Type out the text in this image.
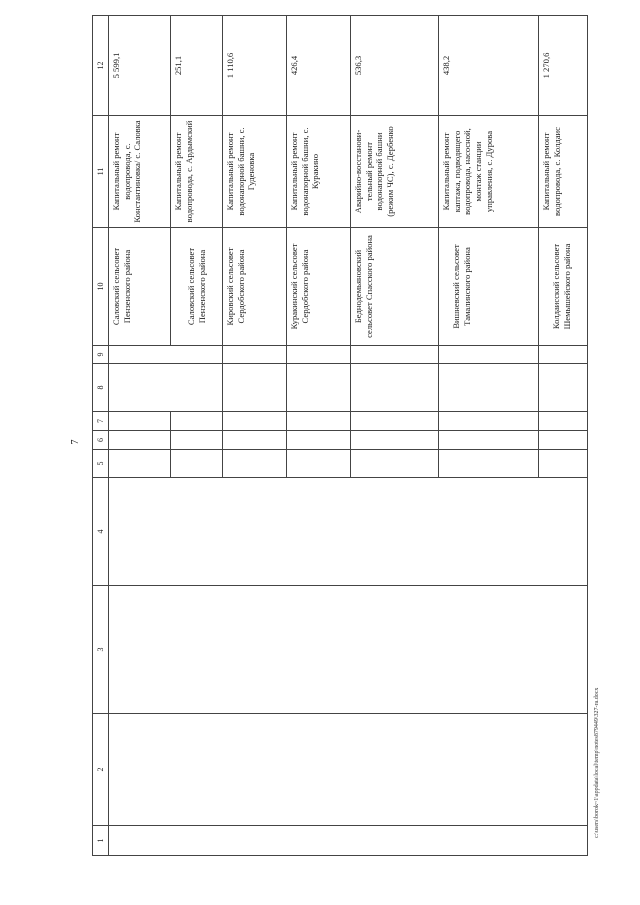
7
1	2	3	4	5	6	7	8	9	10	11	12
									Саловский сельсовет Пензенского района	Капитальный ремонт водопровода, с. Константиновка/ с. Саловка	5 599,1
									Саловский сельсовет Пензенского района	Капитальный ремонт водопровода, с. Ардымский	251,1
									Кировский сельсовет Сердобского района	Капитальный ремонт водонапорной башни, с. Гуденовка	1 110,6
									Куракинский сельсовет Сердобского района	Капитальный ремонт водонапорной башни, с. Куракино	426,4
									Беднодемьяновский сельсовет Спасского района	Аварийно-восстанови-тельный ремонт водонапорной башни (режим ЧС), с. Дербенко	536,3
									Вишневский сельсовет Тамалинского района	Капитальный ремонт каптажа, подводящего водопровода, насосной, монтаж станции управления, с. Дурова	438,2
									Колдаисский сельсовет Шемышейского района	Капитальный ремонт водопровода, с. Колдаис	1 270,6
c:\users\borok~1\appdata\local\temp\notes879449\327-ra.docx
